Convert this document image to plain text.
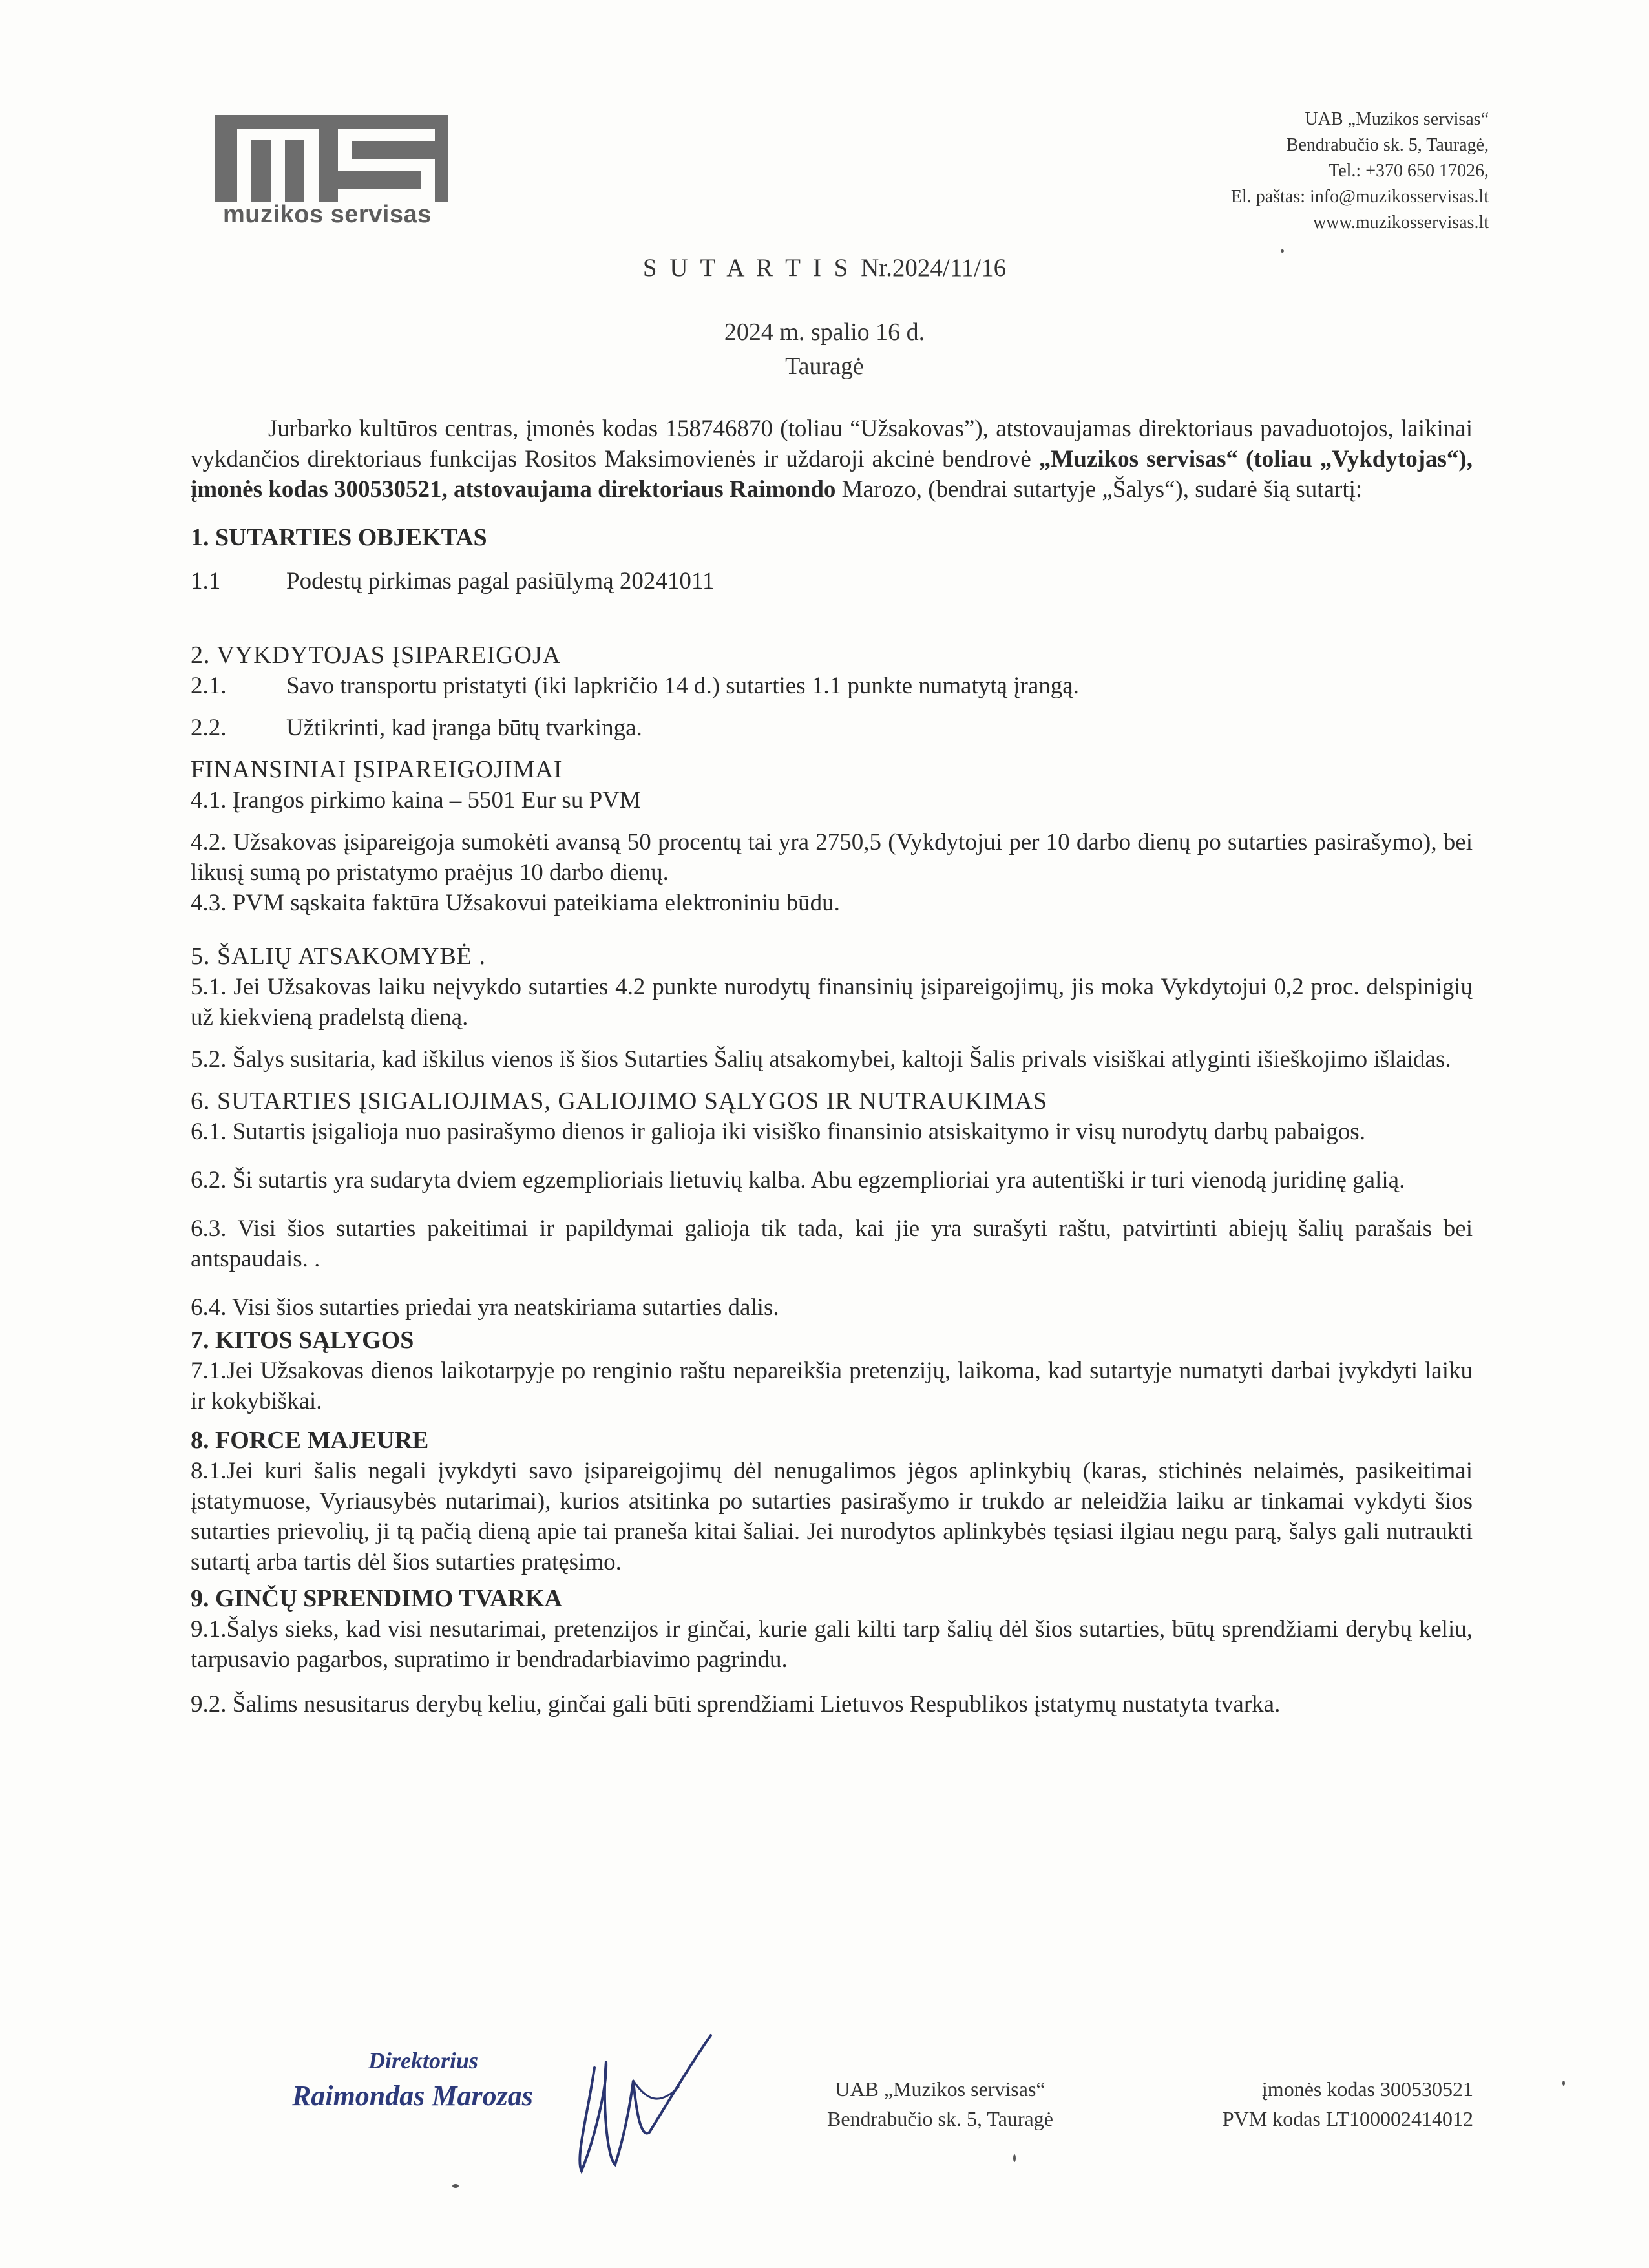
muzikos servisas
UAB „Muzikos servisas“
Bendrabučio sk. 5, Tauragė,
Tel.: +370 650 17026,
El. paštas: info@muzikosservisas.lt
www.muzikosservisas.lt
S U T A R T I S Nr.2024/11/16
2024 m. spalio 16 d.
Tauragė

Jurbarko kultūros centras, įmonės kodas 158746870 (toliau “Užsakovas”), atstovaujamas direktoriaus pavaduotojos, laikinai vykdančios direktoriaus funkcijas Rositos Maksimovienės ir uždaroji akcinė bendrovė „Muzikos servisas“ (toliau „Vykdytojas“), įmonės kodas 300530521, atstovaujama direktoriaus Raimondo Marozo, (bendrai sutartyje „Šalys“), sudarė šią sutartį:

1. SUTARTIES OBJEKTAS

1.1	Podestų pirkimas pagal pasiūlymą 20241011

2. VYKDYTOJAS ĮSIPAREIGOJA

2.1.	Savo transportu pristatyti (iki lapkričio 14 d.) sutarties 1.1 punkte numatytą įrangą.

2.2.	Užtikrinti, kad įranga būtų tvarkinga.

FINANSINIAI ĮSIPAREIGOJIMAI

4.1. Įrangos pirkimo kaina – 5501 Eur su PVM

4.2. Užsakovas įsipareigoja sumokėti avansą 50 procentų tai yra 2750,5 (Vykdytojui per 10 darbo dienų po sutarties pasirašymo), bei likusį sumą po pristatymo praėjus 10 darbo dienų.

4.3. PVM sąskaita faktūra Užsakovui pateikiama elektroniniu būdu.

5. ŠALIŲ ATSAKOMYBĖ .

5.1. Jei Užsakovas laiku neįvykdo sutarties 4.2 punkte nurodytų finansinių įsipareigojimų, jis moka Vykdytojui 0,2 proc. delspinigių už kiekvieną pradelstą dieną.

5.2. Šalys susitaria, kad iškilus vienos iš šios Sutarties Šalių atsakomybei, kaltoji Šalis privals visiškai atlyginti išieškojimo išlaidas.

6. SUTARTIES ĮSIGALIOJIMAS, GALIOJIMO SĄLYGOS IR NUTRAUKIMAS

6.1. Sutartis įsigalioja nuo pasirašymo dienos ir galioja iki visiško finansinio atsiskaitymo ir visų nurodytų darbų pabaigos.

6.2. Ši sutartis yra sudaryta dviem egzemplioriais lietuvių kalba. Abu egzemplioriai yra autentiški ir turi vienodą juridinę galią.

6.3. Visi šios sutarties pakeitimai ir papildymai galioja tik tada, kai jie yra surašyti raštu, patvirtinti abiejų šalių parašais bei antspaudais. .

6.4. Visi šios sutarties priedai yra neatskiriama sutarties dalis.

7. KITOS SĄLYGOS

7.1.Jei Užsakovas dienos laikotarpyje po renginio raštu nepareikšia pretenzijų, laikoma, kad sutartyje numatyti darbai įvykdyti laiku ir kokybiškai.

8. FORCE MAJEURE

8.1.Jei kuri šalis negali įvykdyti savo įsipareigojimų dėl nenugalimos jėgos aplinkybių (karas, stichinės nelaimės, pasikeitimai įstatymuose, Vyriausybės nutarimai), kurios atsitinka po sutarties pasirašymo ir trukdo ar neleidžia laiku ar tinkamai vykdyti šios sutarties prievolių, ji tą pačią dieną apie tai praneša kitai šaliai. Jei nurodytos aplinkybės tęsiasi ilgiau negu parą, šalys gali nutraukti sutartį arba tartis dėl šios sutarties pratęsimo.

9. GINČŲ SPRENDIMO TVARKA

9.1.Šalys sieks, kad visi nesutarimai, pretenzijos ir ginčai, kurie gali kilti tarp šalių dėl šios sutarties, būtų sprendžiami derybų keliu, tarpusavio pagarbos, supratimo ir bendradarbiavimo pagrindu.

9.2. Šalims nesusitarus derybų keliu, ginčai gali būti sprendžiami Lietuvos Respublikos įstatymų nustatyta tvarka.

Direktorius
Raimondas Marozas	UAB „Muzikos servisas“
Bendrabučio sk. 5, Tauragė
įmonės kodas 300530521
PVM kodas LT100002414012
